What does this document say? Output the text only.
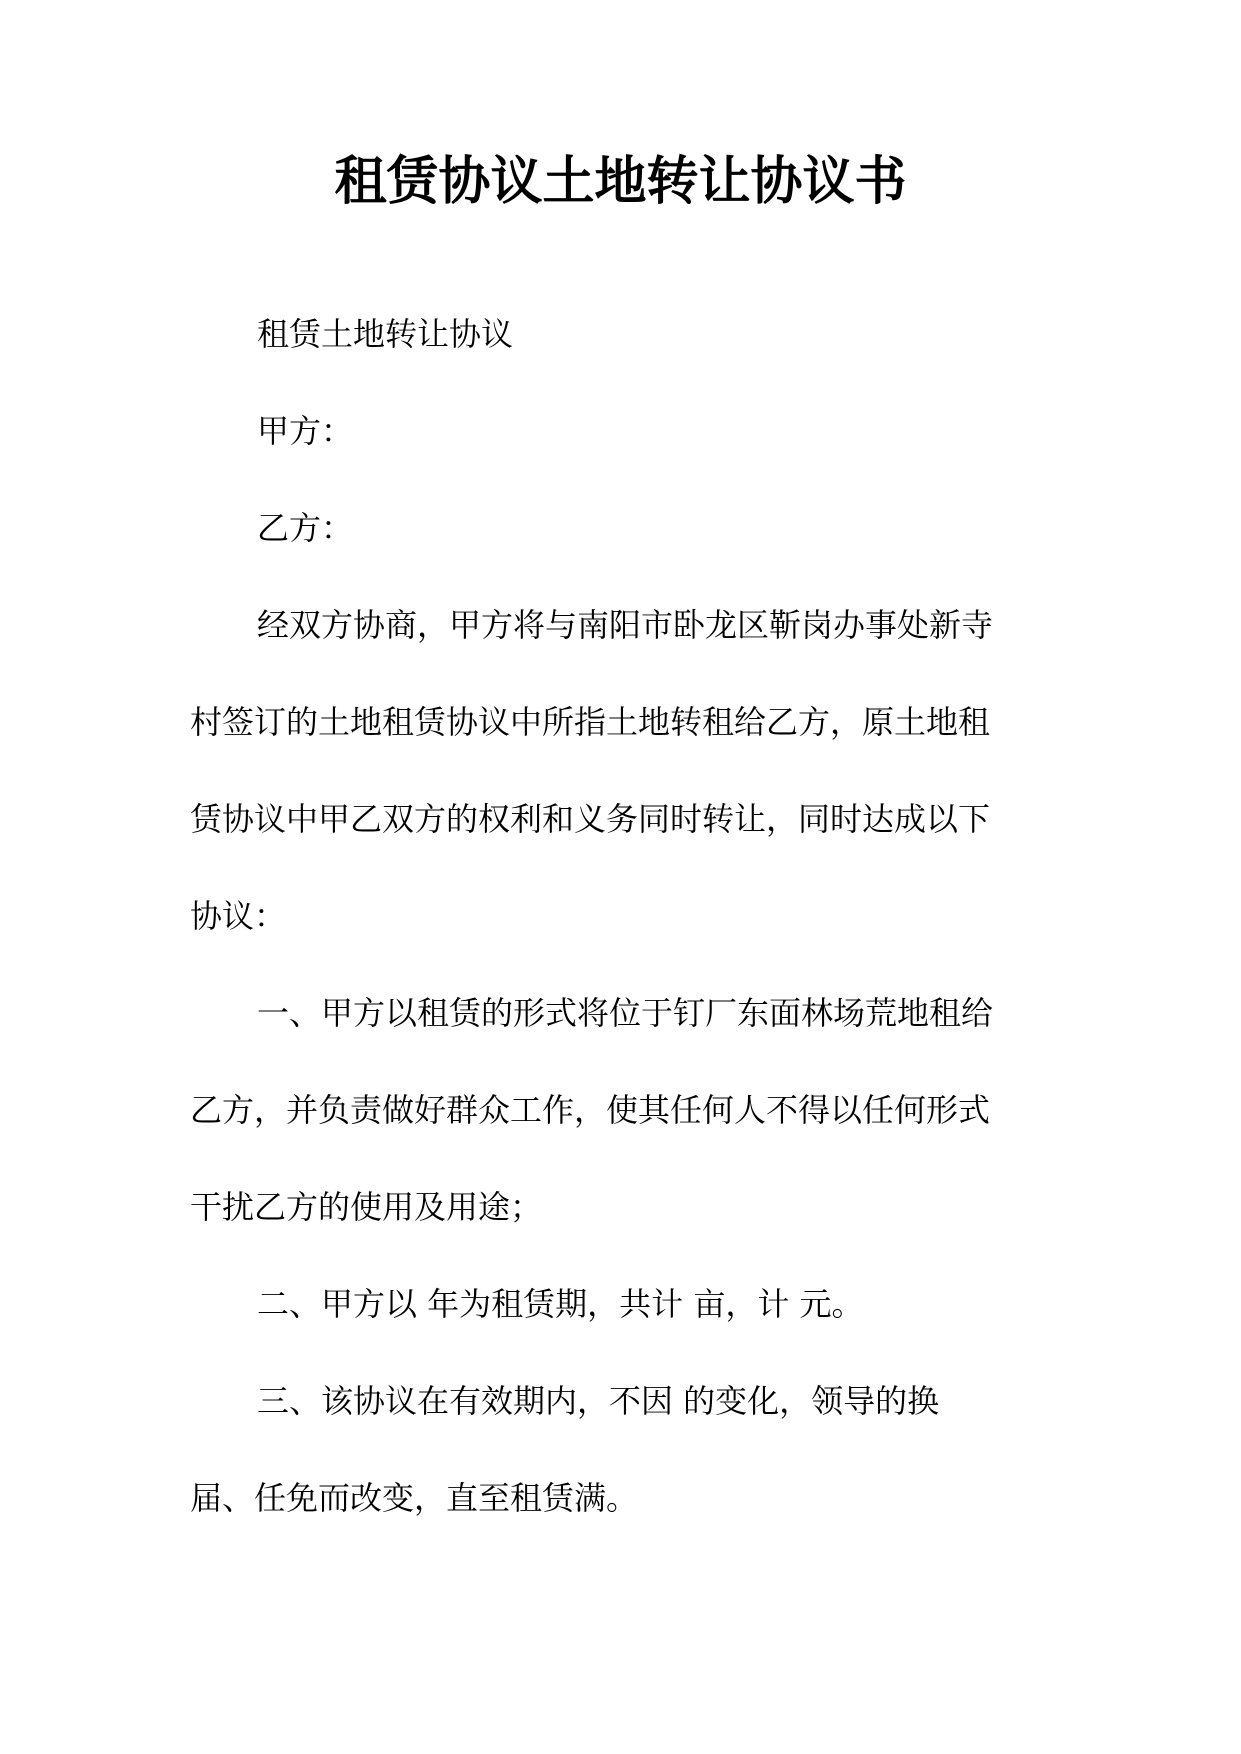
租赁协议土地转让协议书
租赁土地转让协议
甲方：
乙方：
经双方协商，甲方将与南阳市卧龙区靳岗办事处新寺
村签订的土地租赁协议中所指土地转租给乙方，原土地租
赁协议中甲乙双方的权利和义务同时转让，同时达成以下
协议：
一、甲方以租赁的形式将位于钉厂东面林场荒地租给
乙方，并负责做好群众工作，使其任何人不得以任何形式
干扰乙方的使用及用途；
二、甲方以 年为租赁期，共计 亩，计 元。
三、该协议在有效期内，不因 的变化，领导的换
届、任免而改变，直至租赁满。
